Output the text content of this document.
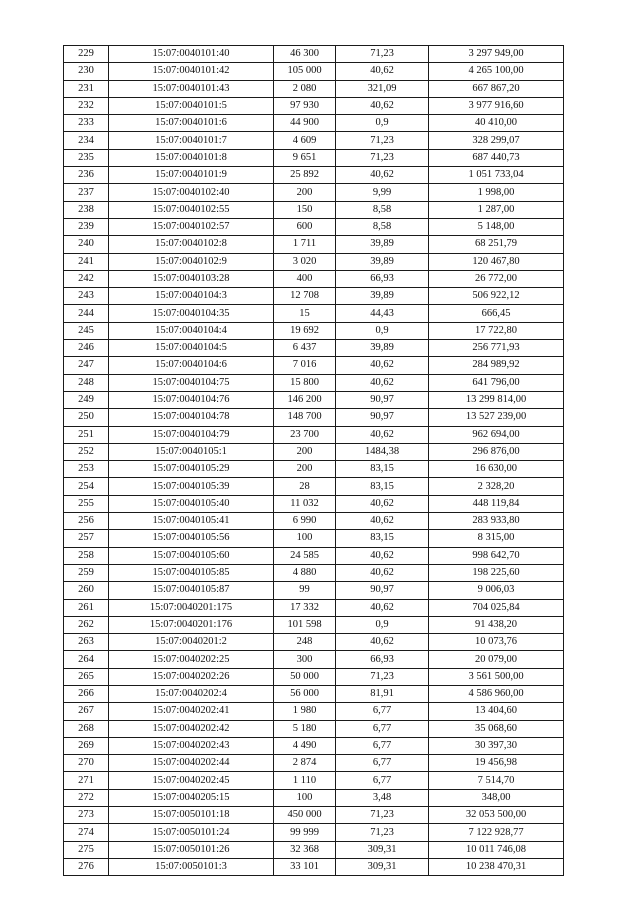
229	15:07:0040101:40	46 300	71,23	3 297 949,00
230	15:07:0040101:42	105 000	40,62	4 265 100,00
231	15:07:0040101:43	2 080	321,09	667 867,20
232	15:07:0040101:5	97 930	40,62	3 977 916,60
233	15:07:0040101:6	44 900	0,9	40 410,00
234	15:07:0040101:7	4 609	71,23	328 299,07
235	15:07:0040101:8	9 651	71,23	687 440,73
236	15:07:0040101:9	25 892	40,62	1 051 733,04
237	15:07:0040102:40	200	9,99	1 998,00
238	15:07:0040102:55	150	8,58	1 287,00
239	15:07:0040102:57	600	8,58	5 148,00
240	15:07:0040102:8	1 711	39,89	68 251,79
241	15:07:0040102:9	3 020	39,89	120 467,80
242	15:07:0040103:28	400	66,93	26 772,00
243	15:07:0040104:3	12 708	39,89	506 922,12
244	15:07:0040104:35	15	44,43	666,45
245	15:07:0040104:4	19 692	0,9	17 722,80
246	15:07:0040104:5	6 437	39,89	256 771,93
247	15:07:0040104:6	7 016	40,62	284 989,92
248	15:07:0040104:75	15 800	40,62	641 796,00
249	15:07:0040104:76	146 200	90,97	13 299 814,00
250	15:07:0040104:78	148 700	90,97	13 527 239,00
251	15:07:0040104:79	23 700	40,62	962 694,00
252	15:07:0040105:1	200	1484,38	296 876,00
253	15:07:0040105:29	200	83,15	16 630,00
254	15:07:0040105:39	28	83,15	2 328,20
255	15:07:0040105:40	11 032	40,62	448 119,84
256	15:07:0040105:41	6 990	40,62	283 933,80
257	15:07:0040105:56	100	83,15	8 315,00
258	15:07:0040105:60	24 585	40,62	998 642,70
259	15:07:0040105:85	4 880	40,62	198 225,60
260	15:07:0040105:87	99	90,97	9 006,03
261	15:07:0040201:175	17 332	40,62	704 025,84
262	15:07:0040201:176	101 598	0,9	91 438,20
263	15:07:0040201:2	248	40,62	10 073,76
264	15:07:0040202:25	300	66,93	20 079,00
265	15:07:0040202:26	50 000	71,23	3 561 500,00
266	15:07:0040202:4	56 000	81,91	4 586 960,00
267	15:07:0040202:41	1 980	6,77	13 404,60
268	15:07:0040202:42	5 180	6,77	35 068,60
269	15:07:0040202:43	4 490	6,77	30 397,30
270	15:07:0040202:44	2 874	6,77	19 456,98
271	15:07:0040202:45	1 110	6,77	7 514,70
272	15:07:0040205:15	100	3,48	348,00
273	15:07:0050101:18	450 000	71,23	32 053 500,00
274	15:07:0050101:24	99 999	71,23	7 122 928,77
275	15:07:0050101:26	32 368	309,31	10 011 746,08
276	15:07:0050101:3	33 101	309,31	10 238 470,31
